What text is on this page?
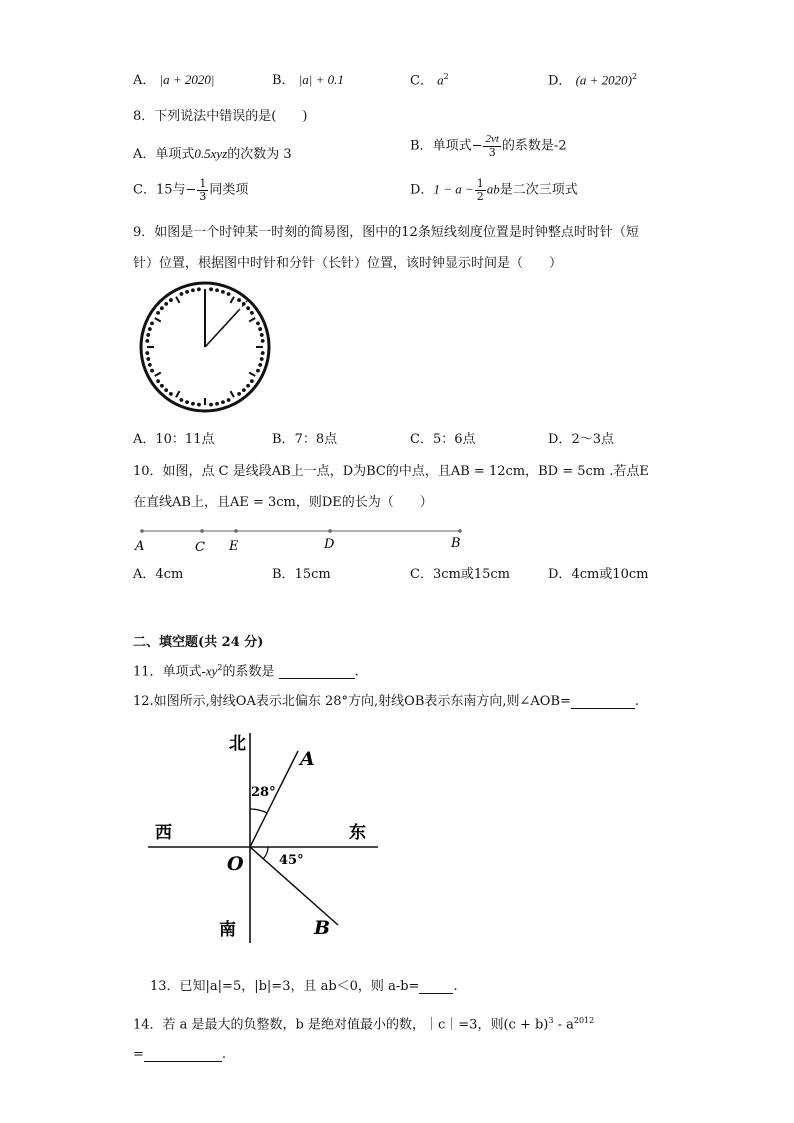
A． |a + 2020|	B． |a| + 0.1	C． $a^2$	D． $(a + 2020)^2$
8．下列说法中错误的是(　　)
A．单项式0.5xyz的次数为 3
B．单项式− $\frac{2vt}{3}$ 的系数是-2
C．15与− $\frac{1}{3}$ 同类项	D．$1 - a - \frac{1}{2}$ ab是二次三项式
9．如图是一个时钟某一时刻的简易图，图中的12条短线刻度位置是时钟整点时时针（短
针）位置，根据图中时针和分针（长针）位置，该时钟显示时间是（　　）
A．10：11点	B．7：8点	C．5：6点	D．2～3点
10．如图，点 C 是线段AB上一点，D为BC的中点，且AB = 12cm，BD = 5cm .若点E
在直线AB上，且AE = 3cm，则DE的长为（　　）
A	C E	D	B
A．4cm	B．15cm	C．3cm或15cm	D．4cm或10cm
二、填空题(共 24 分)
11．单项式$-xy^2$的系数是	.
12.如图所示,射线OA表示北偏东 28°方向,射线OB表示东南方向,则∠AOB=	.
北
南
西	东
O
A
B
28°
45°
13．已知|a|=5，|b|=3，且 ab＜0，则 a-b=	.
14．若 a 是最大的负整数，b 是绝对值最小的数，｜c｜=3，则$(c + b)^3 - a^{2012}$
=	.
